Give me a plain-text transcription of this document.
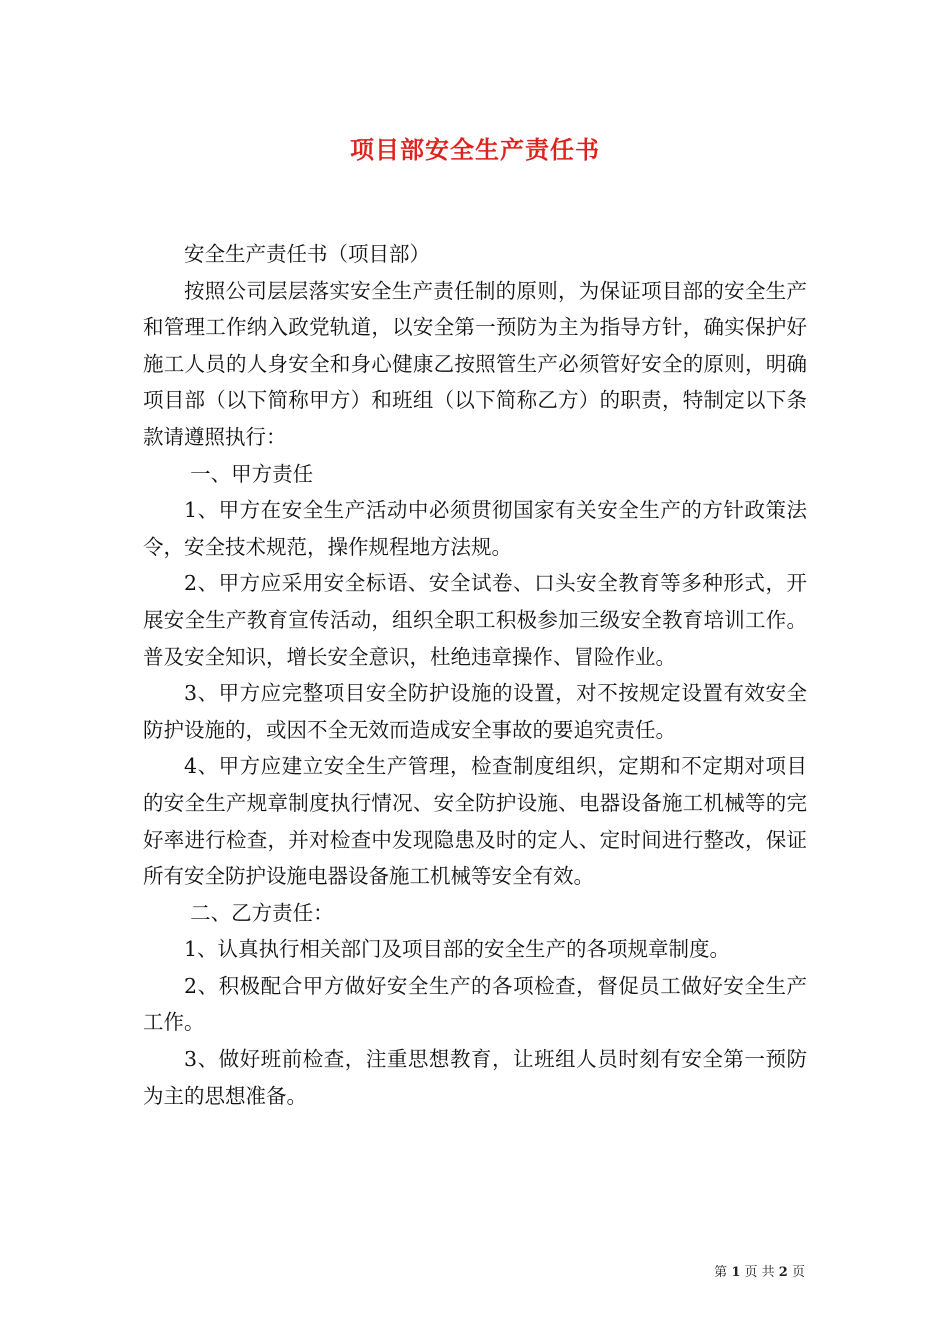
项目部安全生产责任书

安全生产责任书（项目部）

按照公司层层落实安全生产责任制的原则，为保证项目部的安全生产和管理工作纳入政党轨道，以安全第一预防为主为指导方针，确实保护好施工人员的人身安全和身心健康乙按照管生产必须管好安全的原则，明确项目部（以下简称甲方）和班组（以下简称乙方）的职责，特制定以下条款请遵照执行：

一、甲方责任

1、甲方在安全生产活动中必须贯彻国家有关安全生产的方针政策法令，安全技术规范，操作规程地方法规。

2、甲方应采用安全标语、安全试卷、口头安全教育等多种形式，开展安全生产教育宣传活动，组织全职工积极参加三级安全教育培训工作。普及安全知识，增长安全意识，杜绝违章操作、冒险作业。

3、甲方应完整项目安全防护设施的设置，对不按规定设置有效安全防护设施的，或因不全无效而造成安全事故的要追究责任。

4、甲方应建立安全生产管理，检查制度组织，定期和不定期对项目的安全生产规章制度执行情况、安全防护设施、电器设备施工机械等的完好率进行检查，并对检查中发现隐患及时的定人、定时间进行整改，保证所有安全防护设施电器设备施工机械等安全有效。

二、乙方责任：

1、认真执行相关部门及项目部的安全生产的各项规章制度。

2、积极配合甲方做好安全生产的各项检查，督促员工做好安全生产工作。

3、做好班前检查，注重思想教育，让班组人员时刻有安全第一预防为主的思想准备。

第 1 页 共 2 页
